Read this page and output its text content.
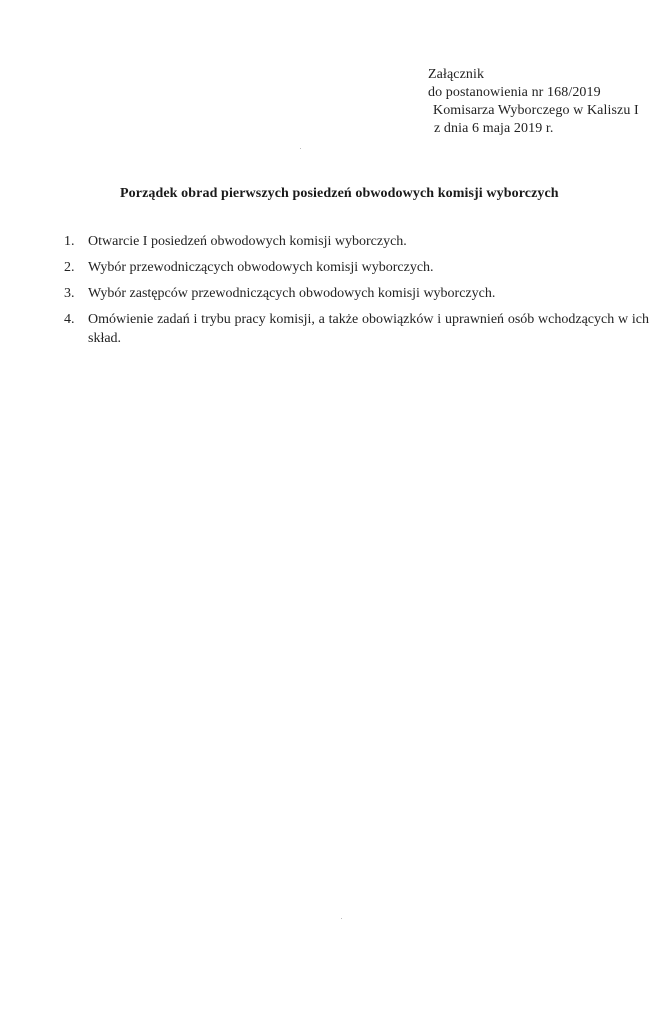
Załącznik
do postanowienia nr 168/2019
Komisarza Wyborczego w Kaliszu I
z dnia 6 maja 2019 r.
Porządek obrad pierwszych posiedzeń obwodowych komisji wyborczych
1. Otwarcie I posiedzeń obwodowych komisji wyborczych.
2. Wybór przewodniczących obwodowych komisji wyborczych.
3. Wybór zastępców przewodniczących obwodowych komisji wyborczych.
4. Omówienie zadań i trybu pracy komisji, a także obowiązków i uprawnień osób wchodzących w ich skład.
